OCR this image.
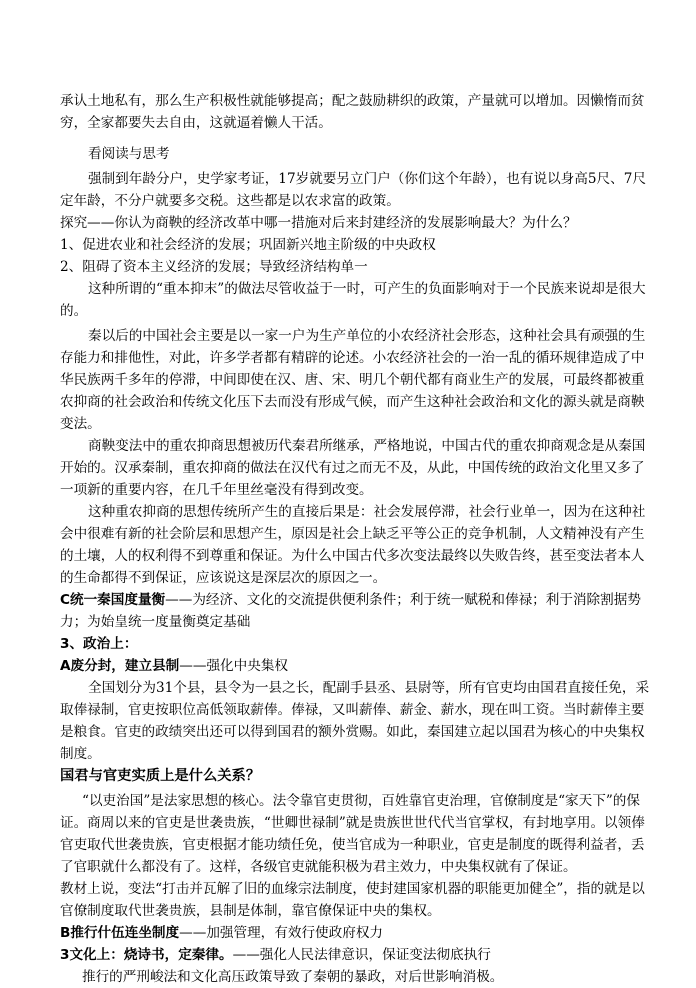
承认土地私有，那么生产积极性就能够提高；配之鼓励耕织的政策，产量就可以增加。因懒惰而贫穷，全家都要失去自由，这就逼着懒人干活。

看阅读与思考

强制到年龄分户，史学家考证，17岁就要另立门户（你们这个年龄），也有说以身高5尺、7尺定年龄，不分户就要多交税。这些都是以农求富的政策。

探究——你认为商鞅的经济改革中哪一措施对后来封建经济的发展影响最大？为什么？

1、促进农业和社会经济的发展；巩固新兴地主阶级的中央政权

2、阻碍了资本主义经济的发展；导致经济结构单一

这种所谓的“重本抑末”的做法尽管收益于一时，可产生的负面影响对于一个民族来说却是很大的。

秦以后的中国社会主要是以一家一户为生产单位的小农经济社会形态，这种社会具有顽强的生存能力和排他性，对此，许多学者都有精辟的论述。小农经济社会的一治一乱的循环规律造成了中华民族两千多年的停滞，中间即使在汉、唐、宋、明几个朝代都有商业生产的发展，可最终都被重农抑商的社会政治和传统文化压下去而没有形成气候，而产生这种社会政治和文化的源头就是商鞅变法。

商鞅变法中的重农抑商思想被历代秦君所继承，严格地说，中国古代的重农抑商观念是从秦国开始的。汉承秦制，重农抑商的做法在汉代有过之而无不及，从此，中国传统的政治文化里又多了一项新的重要内容，在几千年里丝毫没有得到改变。

这种重农抑商的思想传统所产生的直接后果是：社会发展停滞，社会行业单一，因为在这种社会中很难有新的社会阶层和思想产生，原因是社会上缺乏平等公正的竞争机制，人文精神没有产生的土壤，人的权利得不到尊重和保证。为什么中国古代多次变法最终以失败告终，甚至变法者本人的生命都得不到保证，应该说这是深层次的原因之一。

C统一秦国度量衡——为经济、文化的交流提供便利条件；利于统一赋税和俸禄；利于消除割据势力；为始皇统一度量衡奠定基础

3、政治上：

A废分封，建立县制——强化中央集权

全国划分为31个县，县令为一县之长，配副手县丞、县尉等，所有官吏均由国君直接任免，采取俸禄制，官吏按职位高低领取薪俸。俸禄，又叫薪俸、薪金、薪水，现在叫工资。当时薪俸主要是粮食。官吏的政绩突出还可以得到国君的额外赏赐。如此，秦国建立起以国君为核心的中央集权制度。

国君与官吏实质上是什么关系？

“以吏治国”是法家思想的核心。法令靠官吏贯彻，百姓靠官吏治理，官僚制度是“家天下”的保证。商周以来的官吏是世袭贵族，“世卿世禄制”就是贵族世世代代当官掌权，有封地享用。以领俸官吏取代世袭贵族，官吏根据才能功绩任免，使当官成为一种职业，官吏是制度的既得利益者，丢了官职就什么都没有了。这样，各级官吏就能积极为君主效力，中央集权就有了保证。

教材上说，变法“打击并瓦解了旧的血缘宗法制度，使封建国家机器的职能更加健全”，指的就是以官僚制度取代世袭贵族，县制是体制，靠官僚保证中央的集权。

B推行什伍连坐制度——加强管理，有效行使政府权力

3文化上：烧诗书，定秦律。——强化人民法律意识，保证变法彻底执行

推行的严刑峻法和文化高压政策导致了秦朝的暴政，对后世影响消极。
